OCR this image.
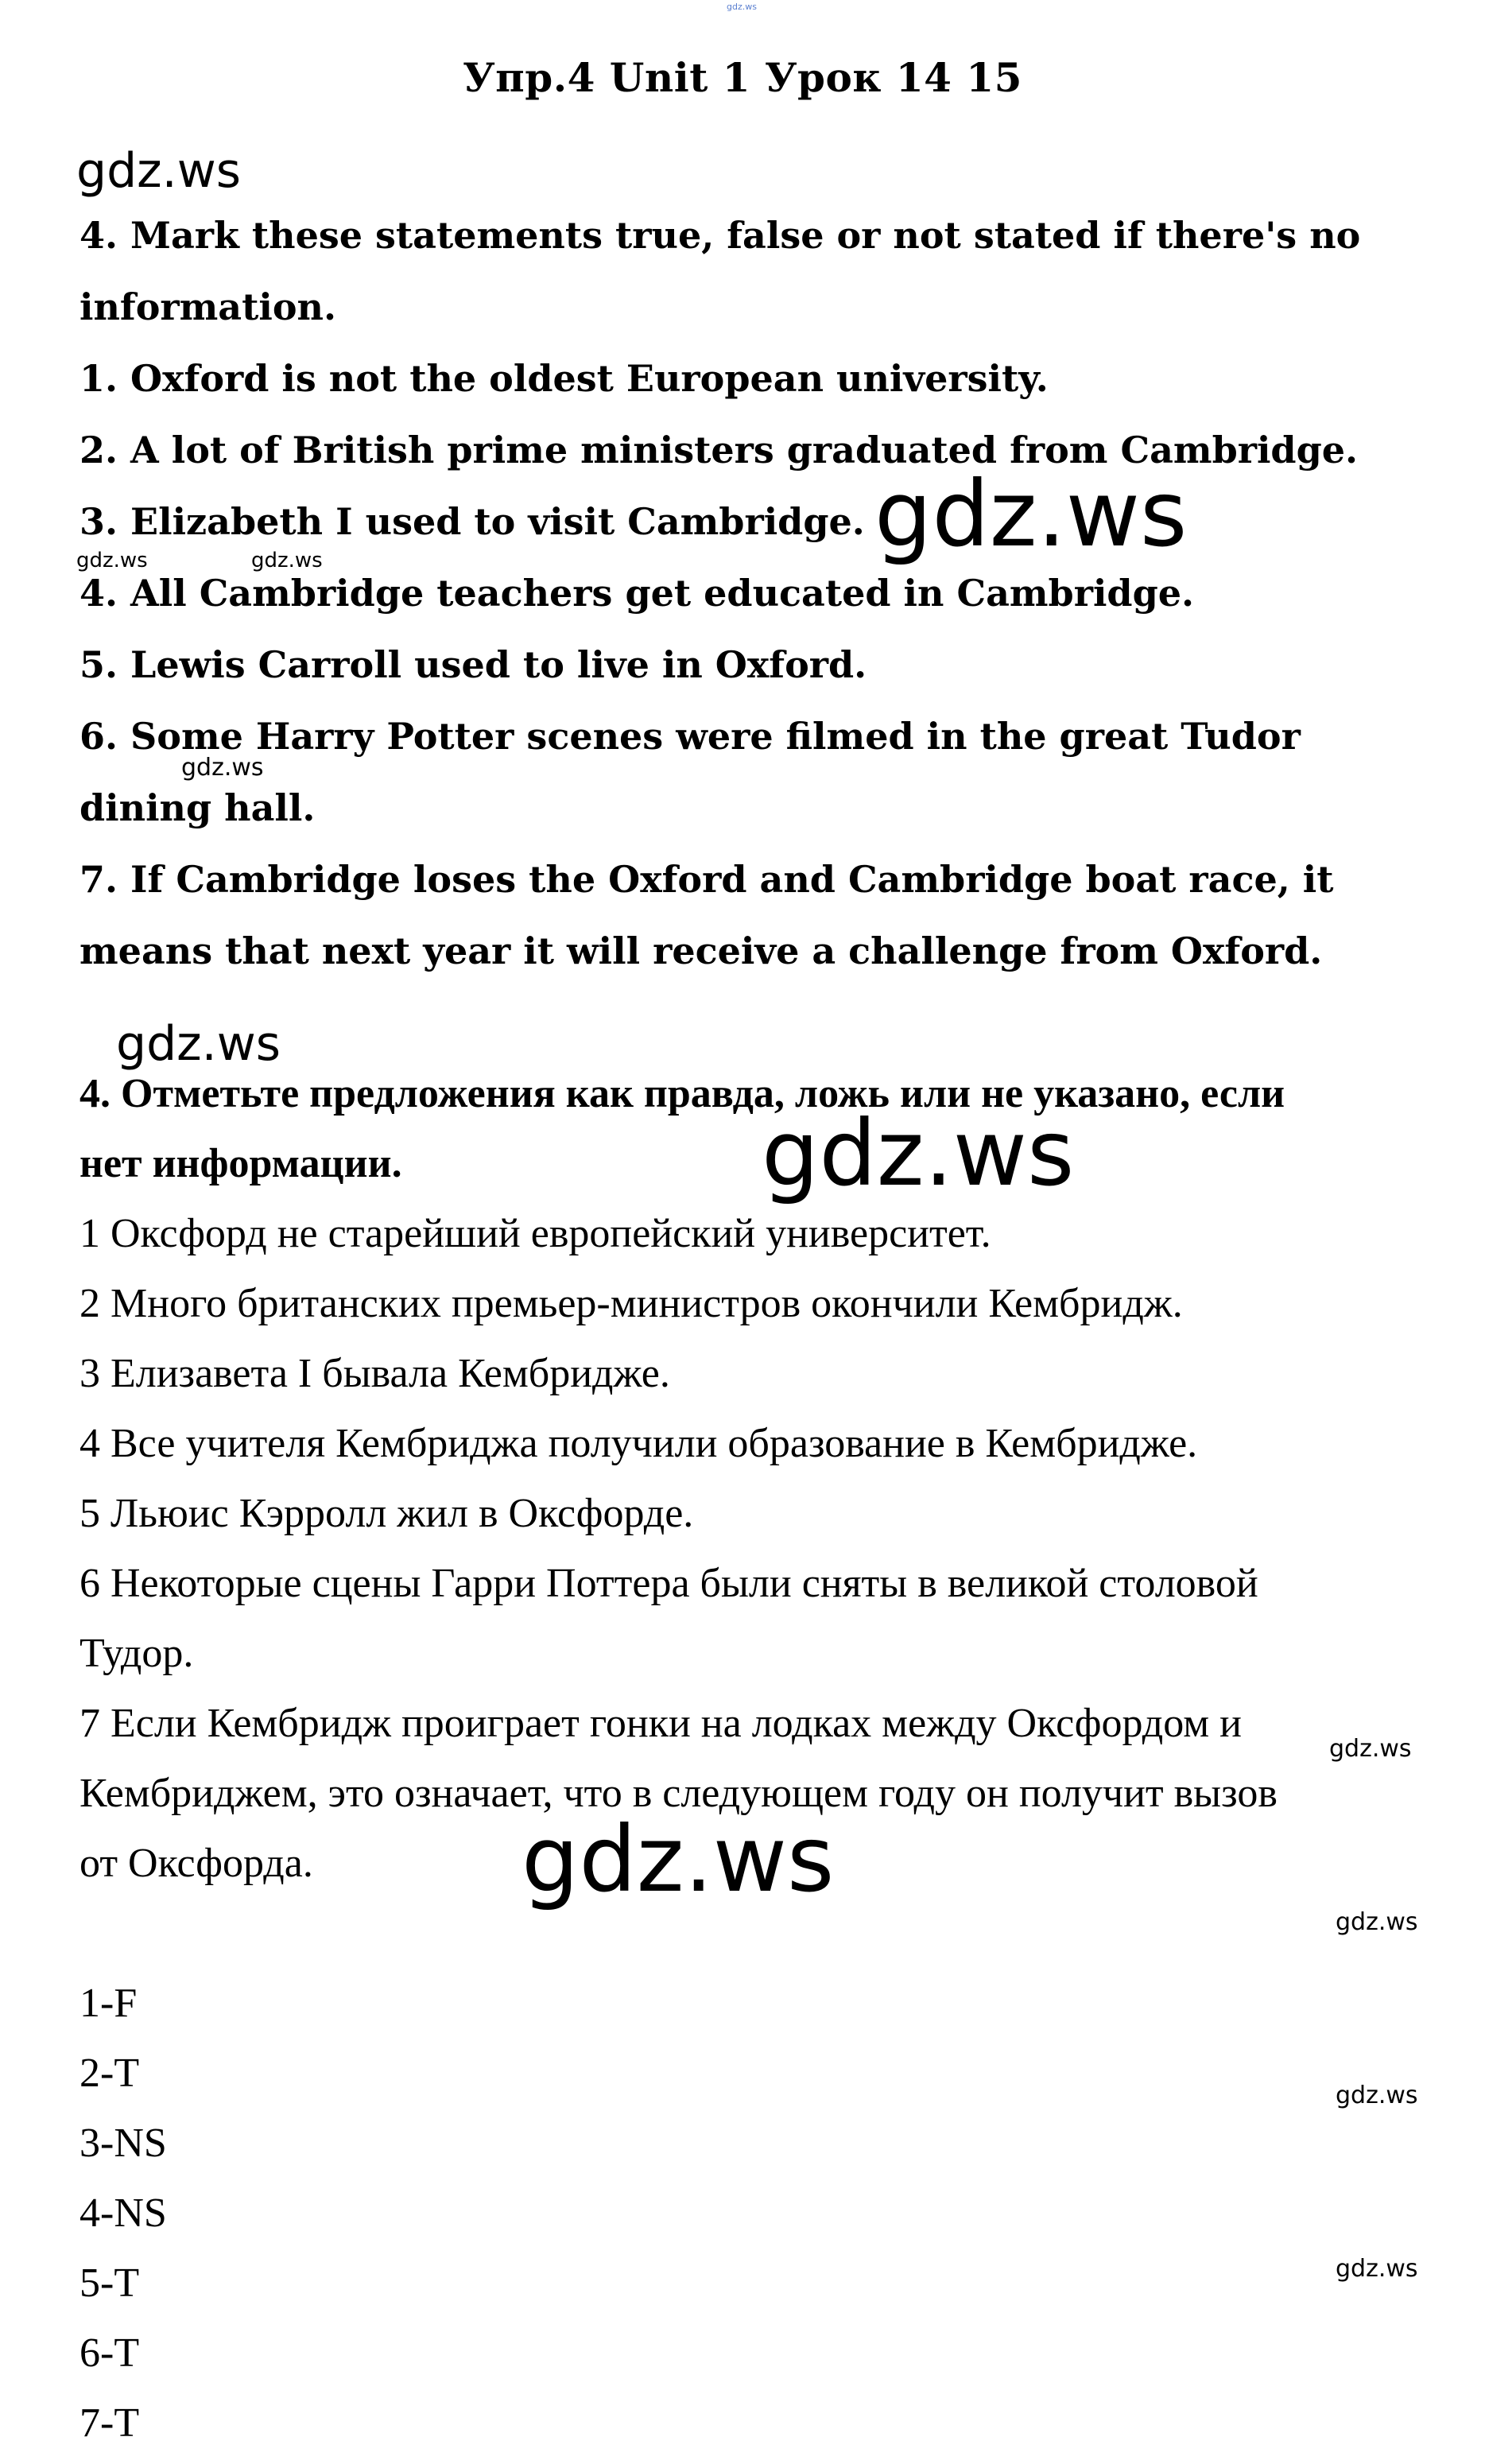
gdz.ws
Упр.4 Unit 1 Урок 14 15
gdz.ws
4. Mark these statements true, false or not stated if there's no
information.
1. Oxford is not the oldest European university.
2. A lot of British prime ministers graduated from Cambridge.
3. Elizabeth I used to visit Cambridge.
4. All Cambridge teachers get educated in Cambridge.
5. Lewis Carroll used to live in Oxford.
6. Some Harry Potter scenes were filmed in the great Tudor
dining hall.
7. If Cambridge loses the Oxford and Cambridge boat race, it
means that next year it will receive a challenge from Oxford.
gdz.ws
gdz.ws	gdz.ws
gdz.ws
gdz.ws
4. Отметьте предложения как правда, ложь или не указано, если
нет информации.	gdz.ws
1 Оксфорд не старейший европейский университет.
2 Много британских премьер-министров окончили Кембридж.
3 Елизавета I бывала Кембридже.
4 Все учителя Кембриджа получили образование в Кембридже.
5 Льюис Кэрролл жил в Оксфорде.
6 Некоторые сцены Гарри Поттера были сняты в великой столовой
Тудор.
7 Если Кембридж проиграет гонки на лодках между Оксфордом и
Кембриджем, это означает, что в следующем году он получит вызов
от Оксфорда.
gdz.ws
gdz.ws
gdz.ws
1-F
2-T
3-NS
4-NS
5-T
6-T
7-T
gdz.ws
gdz.ws
